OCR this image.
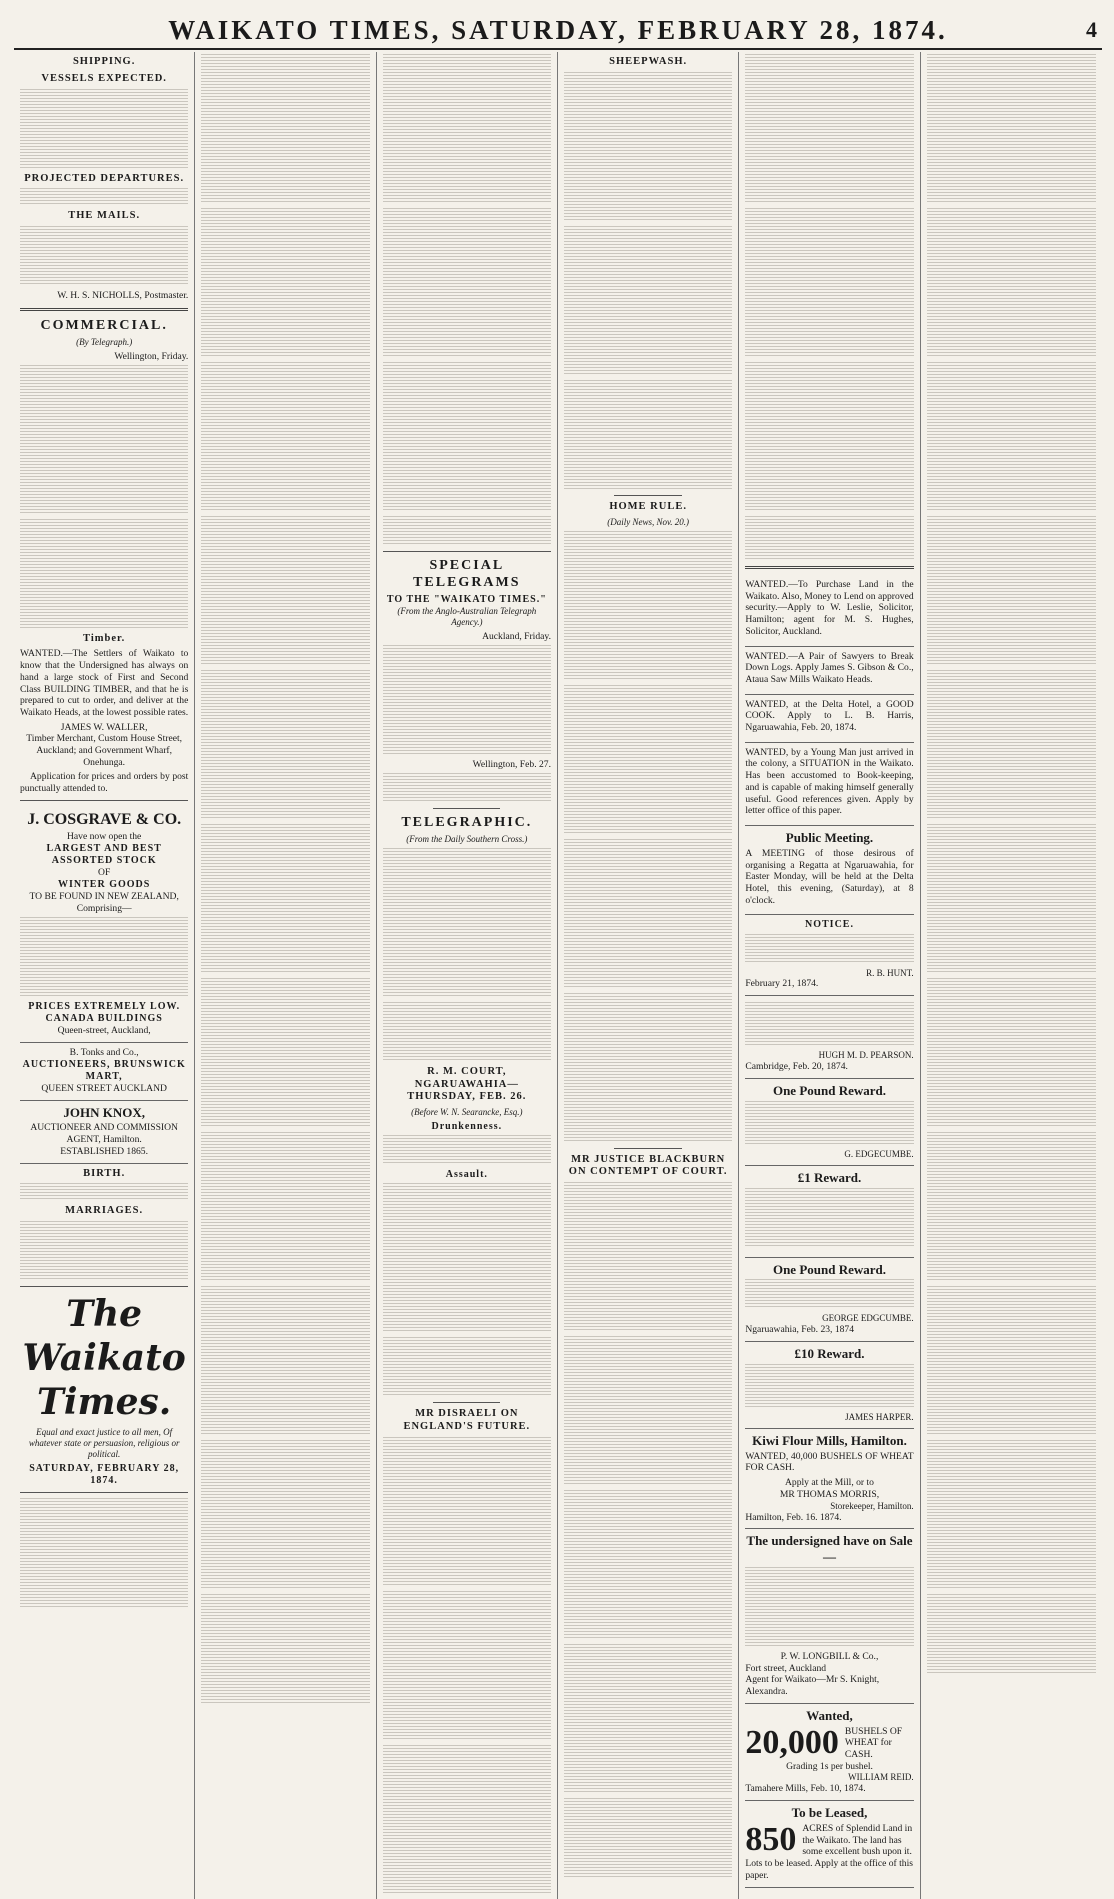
WAIKATO TIMES, SATURDAY, FEBRUARY 28, 1874.	4
SHIPPING.
VESSELS EXPECTED.
PROJECTED DEPARTURES.
THE MAILS.
W. H. S. NICHOLLS, Postmaster.
COMMERCIAL.
(By Telegraph.)
Wellington, Friday.
Timber.

WANTED.—The Settlers of Waikato to know that the Undersigned has always on hand a large stock of First and Second Class BUILDING TIMBER, and that he is prepared to cut to order, and deliver at the Waikato Heads, at the lowest possible rates.

JAMES W. WALLER,

Timber Merchant, Custom House Street, Auckland; and Government Wharf, Onehunga.

Application for prices and orders by post punctually attended to.

J. COSGRAVE & CO.
Have now open the
LARGEST AND BEST ASSORTED STOCK
OF
WINTER GOODS
TO BE FOUND IN NEW ZEALAND,
Comprising—
PRICES EXTREMELY LOW.
CANADA BUILDINGS
Queen-street, Auckland,
B. Tonks and Co.,
AUCTIONEERS, BRUNSWICK MART,
QUEEN STREET AUCKLAND
JOHN KNOX,
AUCTIONEER AND COMMISSION AGENT, Hamilton.
ESTABLISHED 1865.
BIRTH.
MARRIAGES.
The Waikato Times.
Equal and exact justice to all men, Of whatever state or persuasion, religious or political.
SATURDAY, FEBRUARY 28, 1874.
SPECIAL TELEGRAMS
TO THE "WAIKATO TIMES."
(From the Anglo-Australian Telegraph Agency.)
Auckland, Friday.
Wellington, Feb. 27.
TELEGRAPHIC.
(From the Daily Southern Cross.)
R. M. COURT, NGARUAWAHIA—THURSDAY, FEB. 26.
(Before W. N. Searancke, Esq.)
Drunkenness.
Assault.
MR DISRAELI ON ENGLAND'S FUTURE.
SHEEPWASH.
HOME RULE.
(Daily News, Nov. 20.)
MR JUSTICE BLACKBURN ON CONTEMPT OF COURT.

WANTED.—To Purchase Land in the Waikato. Also, Money to Lend on approved security.—Apply to W. Leslie, Solicitor, Hamilton; agent for M. S. Hughes, Solicitor, Auckland.

WANTED.—A Pair of Sawyers to Break Down Logs. Apply James S. Gibson & Co., Ataua Saw Mills Waikato Heads.

WANTED, at the Delta Hotel, a GOOD COOK. Apply to L. B. Harris, Ngaruawahia, Feb. 20, 1874.

WANTED, by a Young Man just arrived in the colony, a SITUATION in the Waikato. Has been accustomed to Book-keeping, and is capable of making himself generally useful. Good references given. Apply by letter office of this paper.

Public Meeting.

A MEETING of those desirous of organising a Regatta at Ngaruawahia, for Easter Monday, will be held at the Delta Hotel, this evening, (Saturday), at 8 o'clock.

NOTICE.
R. B. HUNT.
February 21, 1874.
HUGH M. D. PEARSON.
Cambridge, Feb. 20, 1874.
One Pound Reward.
G. EDGECUMBE.
£1 Reward.
One Pound Reward.
GEORGE EDGCUMBE.
Ngaruawahia, Feb. 23, 1874
£10 Reward.
JAMES HARPER.
Kiwi Flour Mills, Hamilton.

WANTED, 40,000 BUSHELS OF WHEAT FOR CASH.

Apply at the Mill, or to
MR THOMAS MORRIS,
Storekeeper, Hamilton.
Hamilton, Feb. 16. 1874.
The undersigned have on Sale—
P. W. LONGBILL & Co.,
Fort street, Auckland
Agent for Waikato—Mr S. Knight, Alexandra.
Wanted,
20,000 BUSHELS OF WHEAT for CASH.
Grading 1s per bushel.
WILLIAM REID.
Tamahere Mills, Feb. 10, 1874.
To be Leased,
850 ACRES of Splendid Land in the Waikato. The land has some excellent bush upon it. Lots to be leased. Apply at the office of this paper.
